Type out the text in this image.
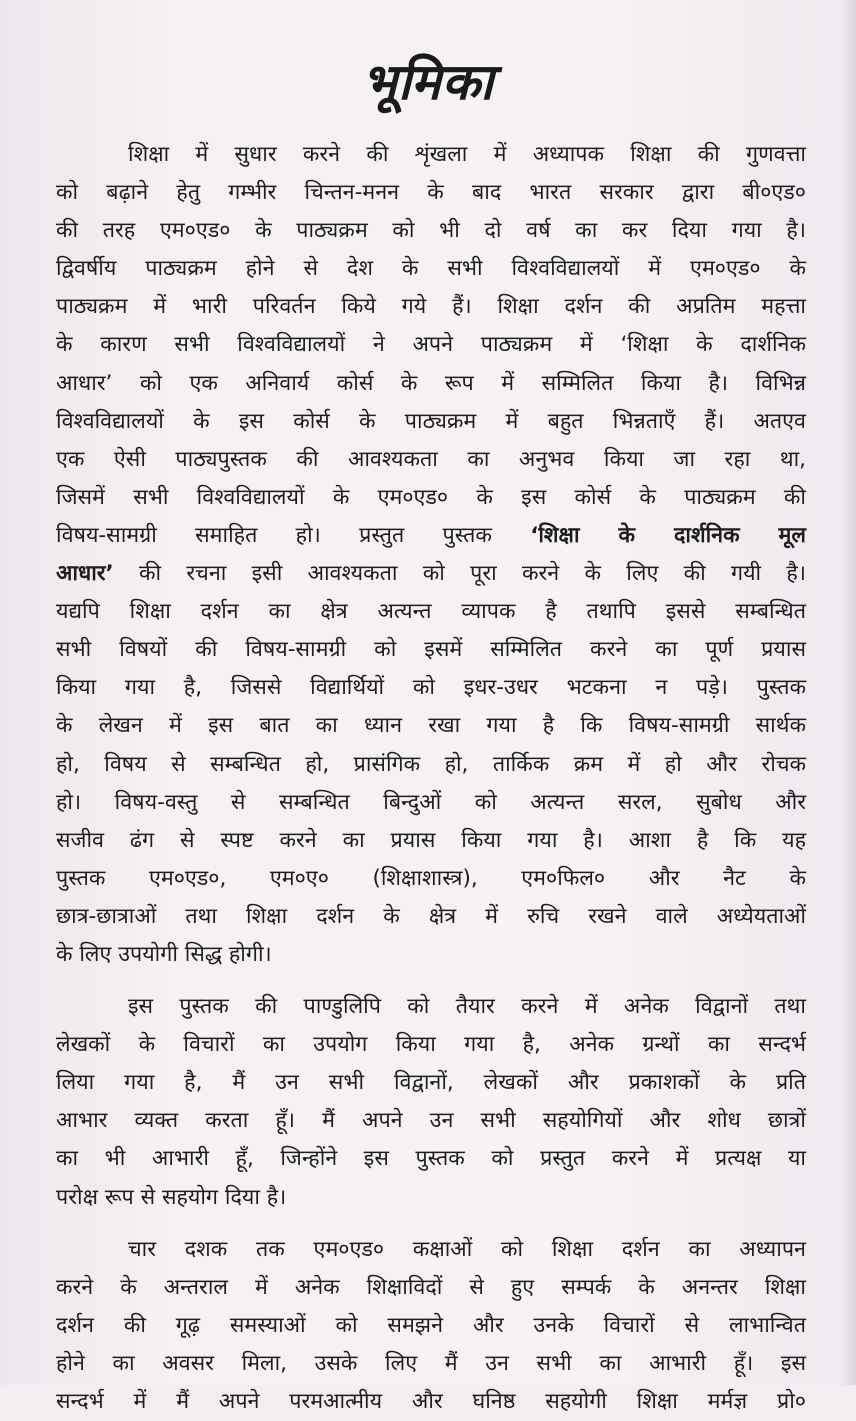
भूमिका
शिक्षा में सुधार करने की शृंखला में अध्यापक शिक्षा की गुणवत्ता
को बढ़ाने हेतु गम्भीर चिन्तन-मनन के बाद भारत सरकार द्वारा बी०एड०
की तरह एम०एड० के पाठ्यक्रम को भी दो वर्ष का कर दिया गया है।
द्विवर्षीय पाठ्यक्रम होने से देश के सभी विश्वविद्यालयों में एम०एड० के
पाठ्यक्रम में भारी परिवर्तन किये गये हैं। शिक्षा दर्शन की अप्रतिम महत्ता
के कारण सभी विश्वविद्यालयों ने अपने पाठ्यक्रम में ‘शिक्षा के दार्शनिक
आधार’ को एक अनिवार्य कोर्स के रूप में सम्मिलित किया है। विभिन्न
विश्वविद्यालयों के इस कोर्स के पाठ्यक्रम में बहुत भिन्नताएँ हैं। अतएव
एक ऐसी पाठ्यपुस्तक की आवश्यकता का अनुभव किया जा रहा था,
जिसमें सभी विश्वविद्यालयों के एम०एड० के इस कोर्स के पाठ्यक्रम की
विषय-सामग्री समाहित हो। प्रस्तुत पुस्तक ‘शिक्षा के दार्शनिक मूल
आधार’ की रचना इसी आवश्यकता को पूरा करने के लिए की गयी है।
यद्यपि शिक्षा दर्शन का क्षेत्र अत्यन्त व्यापक है तथापि इससे सम्बन्धित
सभी विषयों की विषय-सामग्री को इसमें सम्मिलित करने का पूर्ण प्रयास
किया गया है, जिससे विद्यार्थियों को इधर-उधर भटकना न पड़े। पुस्तक
के लेखन में इस बात का ध्यान रखा गया है कि विषय-सामग्री सार्थक
हो, विषय से सम्बन्धित हो, प्रासंगिक हो, तार्किक क्रम में हो और रोचक
हो। विषय-वस्तु से सम्बन्धित बिन्दुओं को अत्यन्त सरल, सुबोध और
सजीव ढंग से स्पष्ट करने का प्रयास किया गया है। आशा है कि यह
पुस्तक एम०एड०, एम०ए० (शिक्षाशास्त्र), एम०फिल० और नैट के
छात्र-छात्राओं तथा शिक्षा दर्शन के क्षेत्र में रुचि रखने वाले अध्येयताओं
के लिए उपयोगी सिद्ध होगी।
इस पुस्तक की पाण्डुलिपि को तैयार करने में अनेक विद्वानों तथा
लेखकों के विचारों का उपयोग किया गया है, अनेक ग्रन्थों का सन्दर्भ
लिया गया है, मैं उन सभी विद्वानों, लेखकों और प्रकाशकों के प्रति
आभार व्यक्त करता हूँ। मैं अपने उन सभी सहयोगियों और शोध छात्रों
का भी आभारी हूँ, जिन्होंने इस पुस्तक को प्रस्तुत करने में प्रत्यक्ष या
परोक्ष रूप से सहयोग दिया है।
चार दशक तक एम०एड० कक्षाओं को शिक्षा दर्शन का अध्यापन
करने के अन्तराल में अनेक शिक्षाविदों से हुए सम्पर्क के अनन्तर शिक्षा
दर्शन की गूढ़ समस्याओं को समझने और उनके विचारों से लाभान्वित
होने का अवसर मिला, उसके लिए मैं उन सभी का आभारी हूँ। इस
सन्दर्भ में मैं अपने परमआत्मीय और घनिष्ठ सहयोगी शिक्षा मर्मज्ञ प्रो०
